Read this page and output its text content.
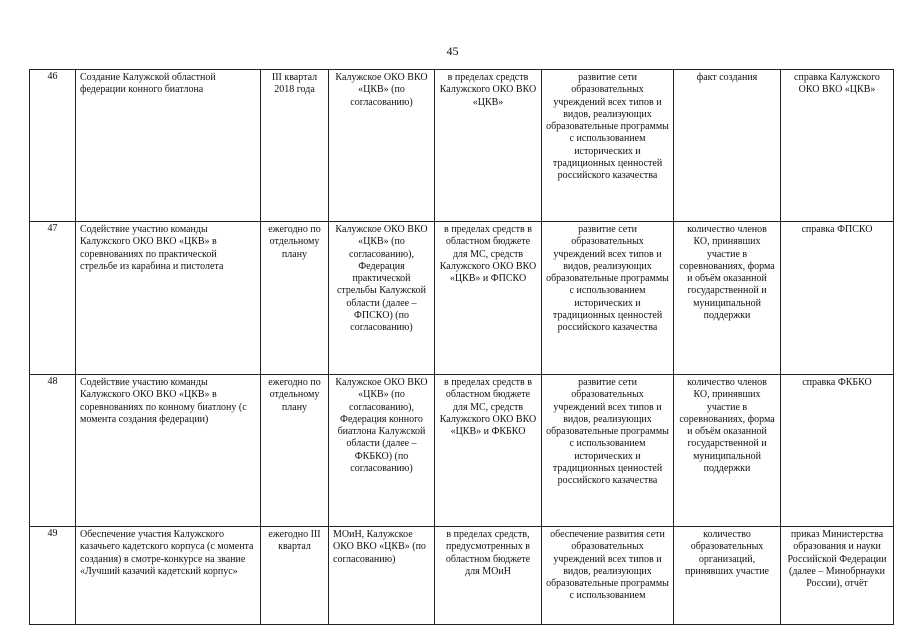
45
46	Создание Калужской областной федерации конного биатлона	III квартал 2018 года	Калужское ОКО ВКО «ЦКВ» (по согласованию)	в пределах средств Калужского ОКО ВКО «ЦКВ»	развитие сети образовательных учреждений всех типов и видов, реализующих образовательные программы с использованием исторических и традиционных ценностей российского казачества	факт создания	справка Калужского ОКО ВКО «ЦКВ»
47	Содействие участию команды Калужского ОКО ВКО «ЦКВ» в соревнованиях по практической стрельбе из карабина и пистолета	ежегодно по отдельному плану	Калужское ОКО ВКО «ЦКВ» (по согласованию), Федерация практической стрельбы Калужской области (далее – ФПСКО) (по согласованию)	в пределах средств в областном бюджете для МС, средств Калужского ОКО ВКО «ЦКВ» и ФПСКО	развитие сети образовательных учреждений всех типов и видов, реализующих образовательные программы с использованием исторических и традиционных ценностей российского казачества	количество членов КО, принявших участие в соревнованиях, форма и объём оказанной государственной и муниципальной поддержки	справка ФПСКО
48	Содействие участию команды Калужского ОКО ВКО «ЦКВ» в соревнованиях по конному биатлону (с момента создания федерации)	ежегодно по отдельному плану	Калужское ОКО ВКО «ЦКВ» (по согласованию), Федерация конного биатлона Калужской области (далее – ФКБКО) (по согласованию)	в пределах средств в областном бюджете для МС, средств Калужского ОКО ВКО «ЦКВ» и ФКБКО	развитие сети образовательных учреждений всех типов и видов, реализующих образовательные программы с использованием исторических и традиционных ценностей российского казачества	количество членов КО, принявших участие в соревнованиях, форма и объём оказанной государственной и муниципальной поддержки	справка ФКБКО
49	Обеспечение участия Калужского казачьего кадетского корпуса (с момента создания) в смотре-конкурсе на звание «Лучший казачий кадетский корпус»	ежегодно III квартал	МОиН, Калужское ОКО ВКО «ЦКВ» (по согласованию)	в пределах средств, предусмотренных в областном бюджете для МОиН	обеспечение развития сети образовательных учреждений всех типов и видов, реализующих образовательные программы с использованием	количество образовательных организаций, принявших участие	приказ Министерства образования и науки Российской Федерации (далее – Минобрнауки России), отчёт
